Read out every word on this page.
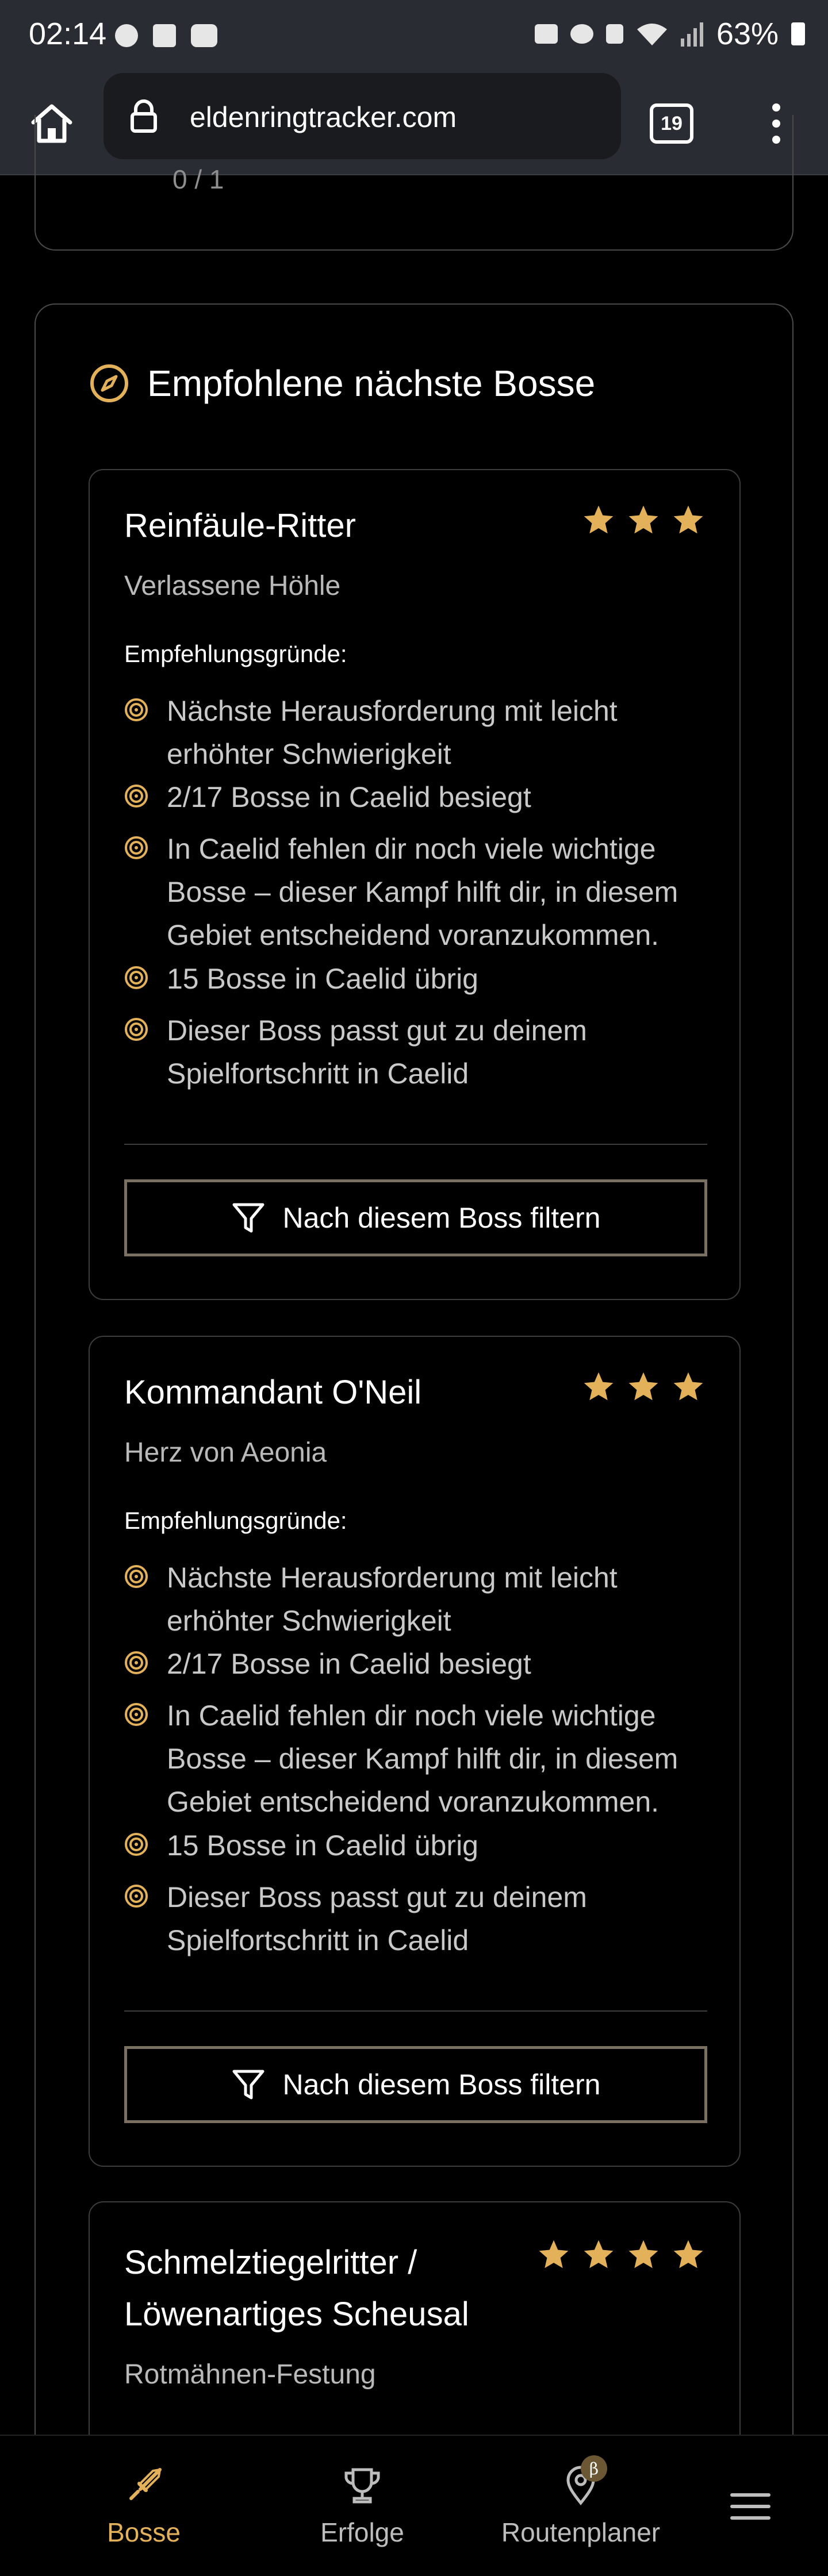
02:14	63%
eldenringtracker.com	19
0 / 1
Empfohlene nächste Bosse
Reinfäule-Ritter
Verlassene Höhle
Empfehlungsgründe:
Nächste Herausforderung mit leicht erhöhter Schwierigkeit
2/17 Bosse in Caelid besiegt
In Caelid fehlen dir noch viele wichtige Bosse – dieser Kampf hilft dir, in diesem Gebiet entscheidend voranzukommen.
15 Bosse in Caelid übrig
Dieser Boss passt gut zu deinem Spielfortschritt in Caelid
Nach diesem Boss filtern
Kommandant O'Neil
Herz von Aeonia
Empfehlungsgründe:
Nächste Herausforderung mit leicht erhöhter Schwierigkeit
2/17 Bosse in Caelid besiegt
In Caelid fehlen dir noch viele wichtige Bosse – dieser Kampf hilft dir, in diesem Gebiet entscheidend voranzukommen.
15 Bosse in Caelid übrig
Dieser Boss passt gut zu deinem Spielfortschritt in Caelid
Nach diesem Boss filtern
Schmelztiegelritter / Löwenartiges Scheusal
Rotmähnen-Festung
Bosse	Erfolge
β
Routenplaner
